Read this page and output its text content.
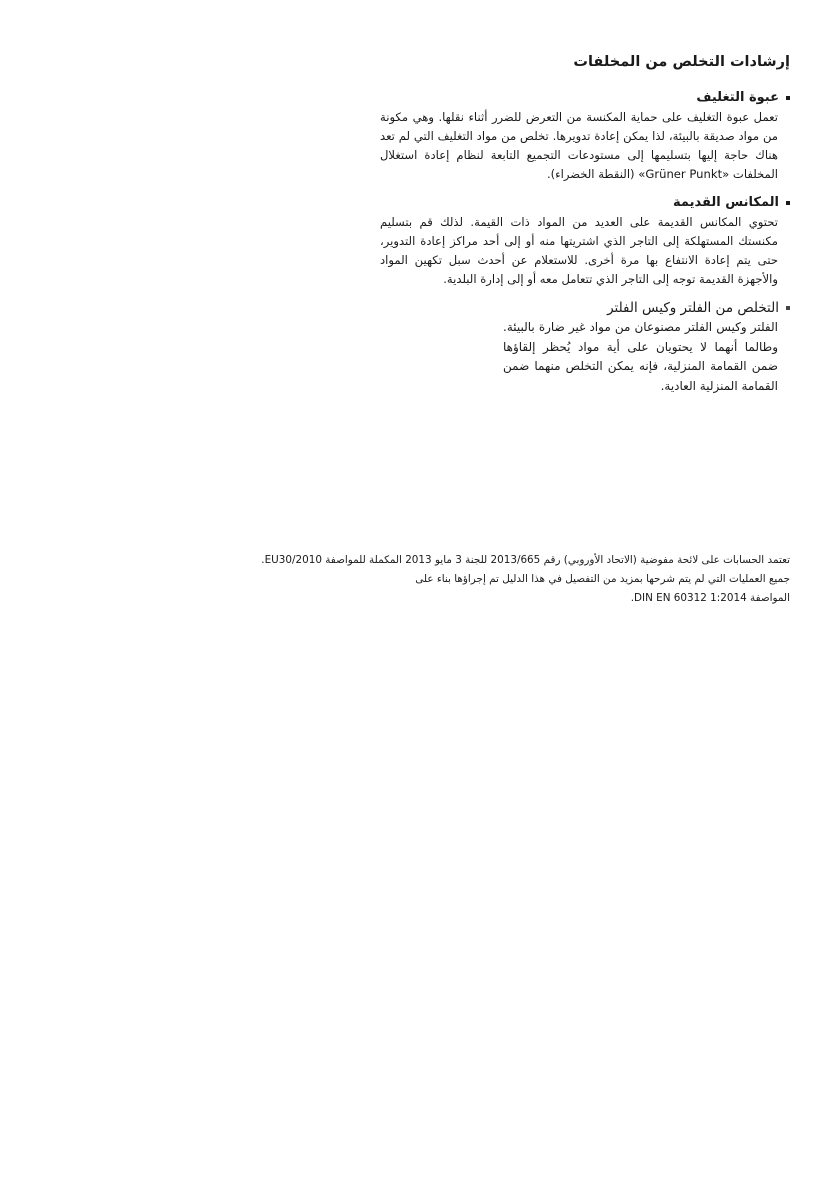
إرشادات التخلص من المخلفات
عبوة التغليف

تعمل عبوة التغليف على حماية المكنسة من التعرض للضرر أثناء نقلها. وهي مكونة من مواد صديقة بالبيئة، لذا يمكن إعادة تدويرها. تخلص من مواد التغليف التي لم تعد هناك حاجة إليها بتسليمها إلى مستودعات التجميع التابعة لنظام إعادة استغلال المخلفات «Grüner Punkt» (النقطة الخضراء).

المكانس القديمة

تحتوي المكانس القديمة على العديد من المواد ذات القيمة. لذلك قم بتسليم مكنستك المستهلكة إلى التاجر الذي اشتريتها منه أو إلى أحد مراكز إعادة التدوير، حتى يتم إعادة الانتفاع بها مرة أخرى. للاستعلام عن أحدث سبل تكهين المواد والأجهزة القديمة توجه إلى التاجر الذي تتعامل معه أو إلى إدارة البلدية.

التخلص من الفلتر وكيس الفلتر

الفلتر وكيس الفلتر مصنوعان من مواد غير ضارة بالبيئة. وطالما أنهما لا يحتويان على أية مواد يُحظر إلقاؤها ضمن القمامة المنزلية، فإنه يمكن التخلص منهما ضمن القمامة المنزلية العادية.

تعتمد الحسابات على لائحة مفوضية (الاتحاد الأوروبي) رقم 2013/665 للجنة 3 مايو 2013 المكملة للمواصفة EU30/2010.

جميع العمليات التي لم يتم شرحها بمزيد من التفصيل في هذا الدليل تم إجراؤها بناء على

المواصفة DIN EN 60312 1:2014.
